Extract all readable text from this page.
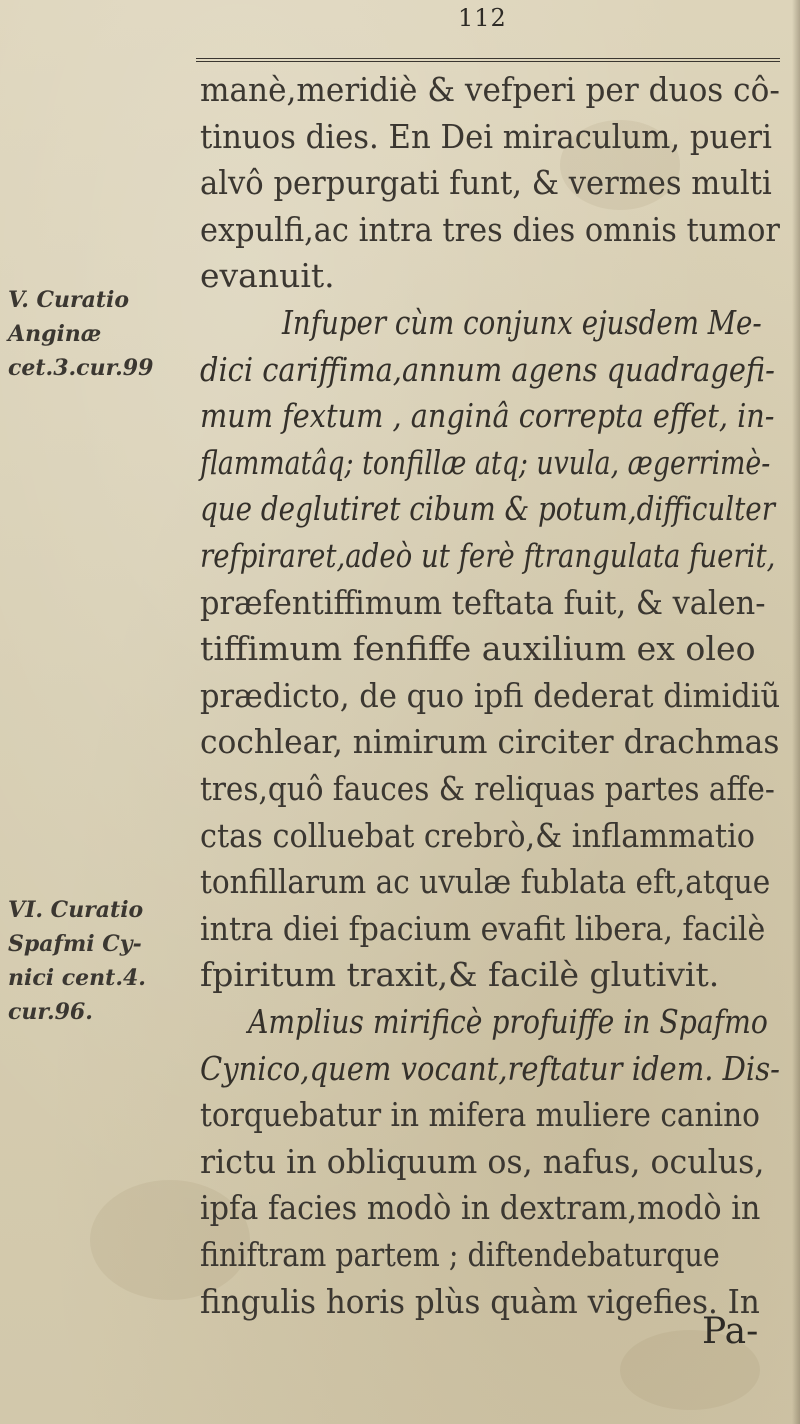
112
manè,meridiè & vefperi per duos cô-
tinuos dies. En Dei miraculum, pueri
alvô perpurgati funt, & vermes multi
expulfi,ac intra tres dies omnis tumor
evanuit.
Infuper cùm conjunx ejusdem Me-
dici cariffima,annum agens quadragefi-
mum fextum , anginâ correpta effet, in-
flammatâq; tonfillæ atq; uvula, ægerrimè-
que deglutiret cibum & potum,difficulter
refpiraret,adeò ut ferè ftrangulata fuerit,
præfentiffimum teftata fuit, & valen-
tiffimum fenfiffe auxilium ex oleo
prædicto, de quo ipfi dederat dimidiũ
cochlear, nimirum circiter drachmas
tres,quô fauces & reliquas partes affe-
ctas colluebat crebrò,& inflammatio
tonfillarum ac uvulæ fublata eft,atque
intra diei fpacium evafit libera, facilè
fpiritum traxit,& facilè glutivit.
Amplius mirificè profuiffe in Spafmo
Cynico,quem vocant,reftatur idem. Dis-
torquebatur in mifera muliere canino
rictu in obliquum os, nafus, oculus,
ipfa facies modò in dextram,modò in
finiftram partem ; diftendebaturque
fingulis horis plùs quàm vigefies. In
V. Curatio
Anginæ
cet.3.cur.99
VI. Curatio
Spafmi Cy-
nici cent.4.
cur.96.
Pa-
